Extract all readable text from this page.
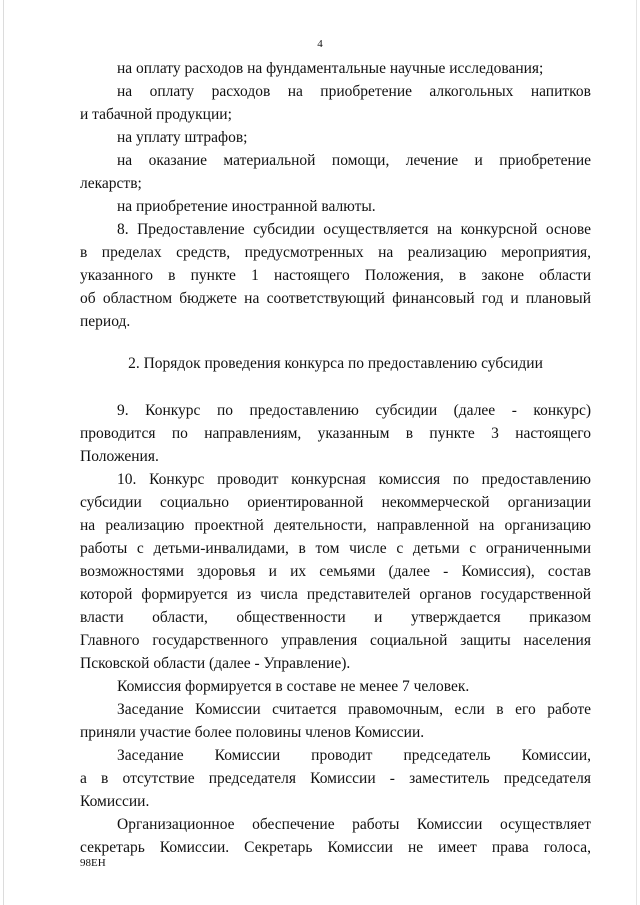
4
на оплату расходов на фундаментальные научные исследования;
на оплату расходов на приобретение алкогольных напитков
и табачной продукции;
на уплату штрафов;
на оказание материальной помощи, лечение и приобретение
лекарств;
на приобретение иностранной валюты.
8. Предоставление субсидии осуществляется на конкурсной основе
в пределах средств, предусмотренных на реализацию мероприятия,
указанного в пункте 1 настоящего Положения, в законе области
об областном бюджете на соответствующий финансовый год и плановый
период.
2. Порядок проведения конкурса по предоставлению субсидии
9. Конкурс по предоставлению субсидии (далее - конкурс)
проводится по направлениям, указанным в пункте 3 настоящего
Положения.
10. Конкурс проводит конкурсная комиссия по предоставлению
субсидии социально ориентированной некоммерческой организации
на реализацию проектной деятельности, направленной на организацию
работы с детьми-инвалидами, в том числе с детьми с ограниченными
возможностями здоровья и их семьями (далее - Комиссия), состав
которой формируется из числа представителей органов государственной
власти области, общественности и утверждается приказом
Главного государственного управления социальной защиты населения
Псковской области (далее - Управление).
Комиссия формируется в составе не менее 7 человек.
Заседание Комиссии считается правомочным, если в его работе
приняли участие более половины членов Комиссии.
Заседание Комиссии проводит председатель Комиссии,
а в отсутствие председателя Комиссии - заместитель председателя
Комиссии.
Организационное обеспечение работы Комиссии осуществляет
секретарь Комиссии. Секретарь Комиссии не имеет права голоса,
98ЕН
